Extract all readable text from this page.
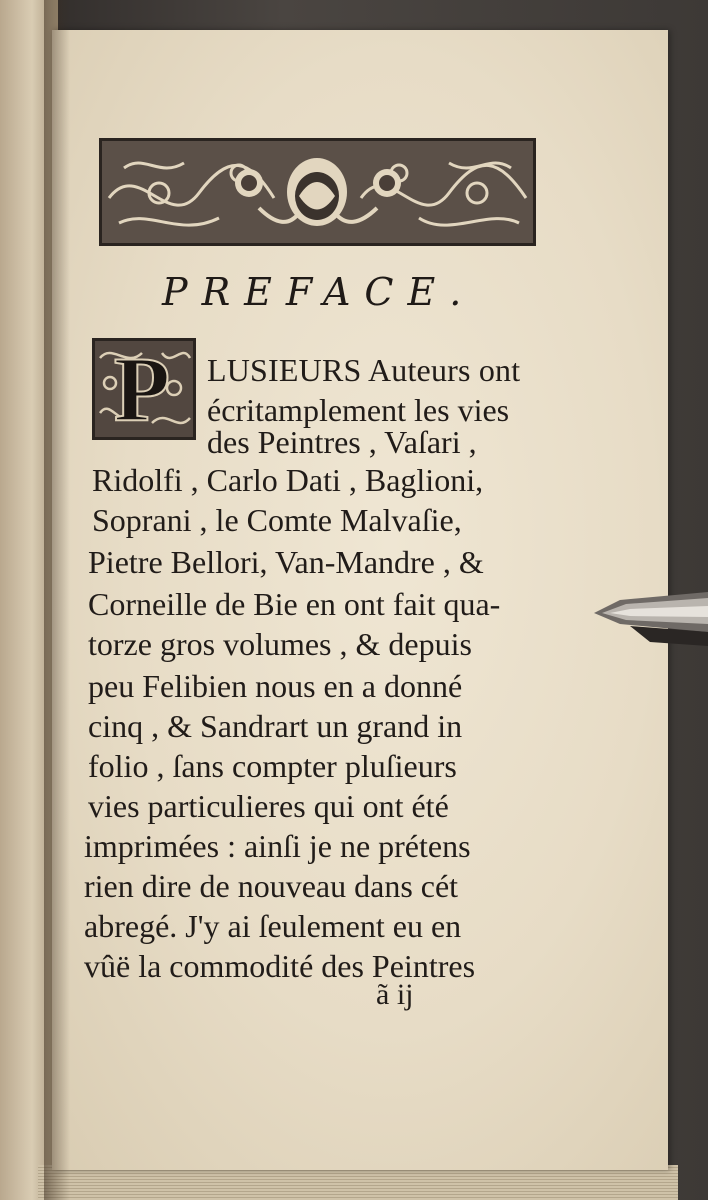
PREFACE.
P LUSIEURS Auteurs ont
écritamplement les vies
des Peintres , Vaſari ,
Ridolfi , Carlo Dati , Baglioni,
Soprani , le Comte Malvaſie,
Pietre Bellori, Van-Mandre , &
Corneille de Bie en ont fait qua-
torze gros volumes , & depuis
peu Felibien nous en a donné
cinq , & Sandrart un grand in
folio , ſans compter pluſieurs
vies particulieres qui ont été
imprimées : ainſi je ne prétens
rien dire de nouveau dans cét
abregé. J'y ai ſeulement eu en
vûë la commodité des Peintres
ã ij
